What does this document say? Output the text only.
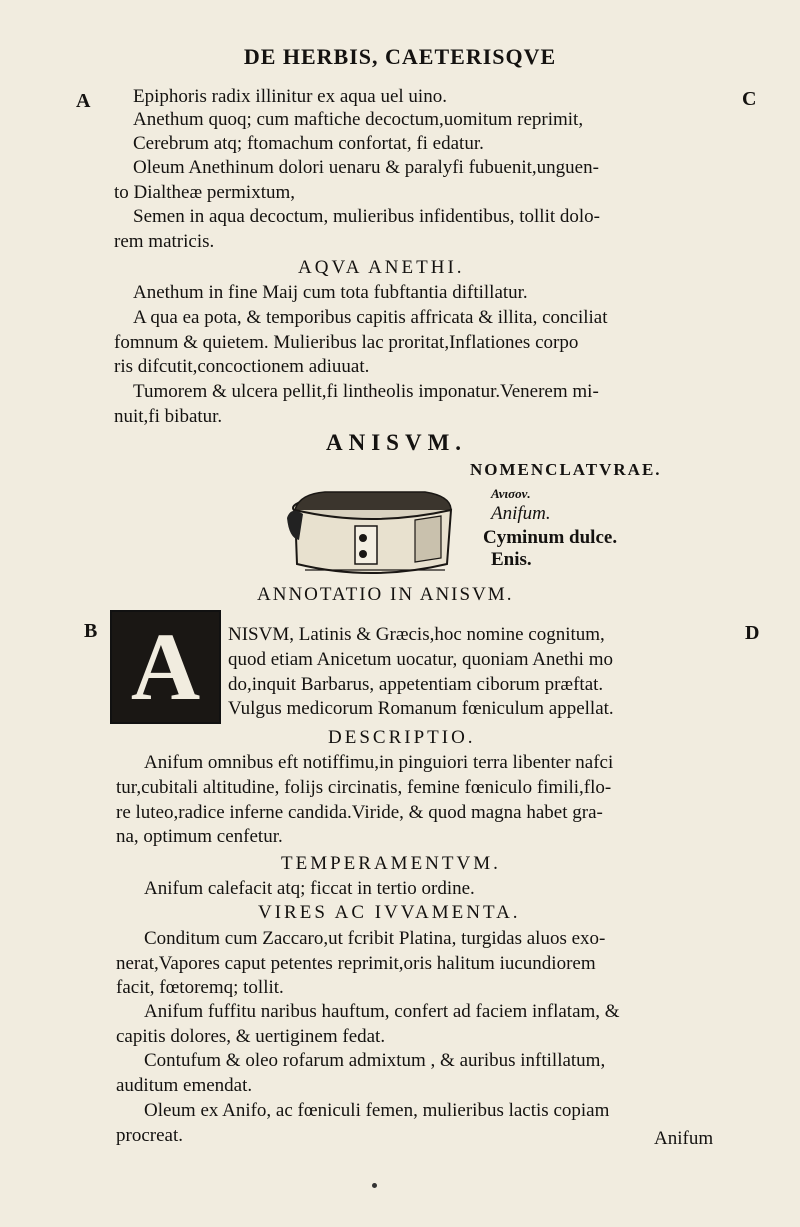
DE HERBIS, CAETERISQVE
A	C
B	D
Epiphoris radix illinitur ex aqua uel uino.
Anethum quoq; cum maftiche decoctum,uomitum reprimit,
Cerebrum atq; ftomachum confortat, fi edatur.
Oleum Anethinum dolori uenaru & paralyfi fubuenit,unguen-
to Dialtheæ permixtum,
Semen in aqua decoctum, mulieribus infidentibus, tollit dolo-
rem matricis.
AQVA ANETHI.
Anethum in fine Maij cum tota fubftantia diftillatur.
A qua ea pota, & temporibus capitis affricata & illita, conciliat
fomnum & quietem. Mulieribus lac proritat,Inflationes corpo
ris difcutit,concoctionem adiuuat.
Tumorem & ulcera pellit,fi lintheolis imponatur.Venerem mi-
nuit,fi bibatur.
ANISVM.
NOMENCLATVRAE.
Ανισον.
Anifum.
Cyminum dulce.
Enis.
ANNOTATIO IN ANISVM.
A	NISVM, Latinis & Græcis,hoc nomine cognitum,
quod etiam Anicetum uocatur, quoniam Anethi mo
do,inquit Barbarus, appetentiam ciborum præftat.
Vulgus medicorum Romanum fœniculum appellat.
DESCRIPTIO.
Anifum omnibus eft notiffimu,in pinguiori terra libenter nafci
tur,cubitali altitudine, folijs circinatis, femine fœniculo fimili,flo-
re luteo,radice inferne candida.Viride, & quod magna habet gra-
na, optimum cenfetur.
TEMPERAMENTVM.
Anifum calefacit atq; ficcat in tertio ordine.
VIRES AC IVVAMENTA.
Conditum cum Zaccaro,ut fcribit Platina, turgidas aluos exo-
nerat,Vapores caput petentes reprimit,oris halitum iucundiorem
facit, fœtoremq; tollit.
Anifum fuffitu naribus hauftum, confert ad faciem inflatam, &
capitis dolores, & uertiginem fedat.
Contufum & oleo rofarum admixtum , & auribus inftillatum,
auditum emendat.
Oleum ex Anifo, ac fœniculi femen, mulieribus lactis copiam
procreat.	Anifum
